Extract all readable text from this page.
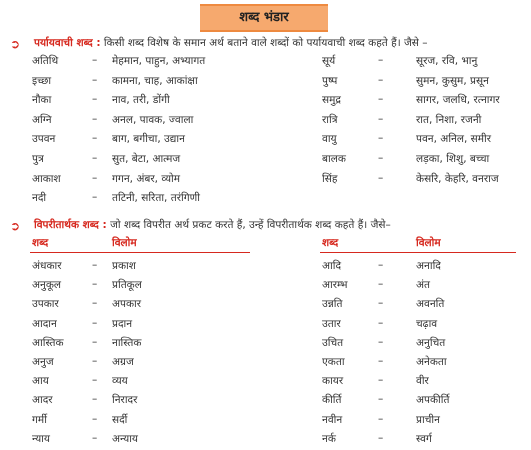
शब्द भंडार
➲	पर्यायवाची शब्द : किसी शब्द विशेष के समान अर्थ बताने वाले शब्दों को पर्यायवाची शब्द कहते हैं। जैसे –
अतिथि	– मेहमान, पाहुन, अभ्यागत
इच्छा	– कामना, चाह, आकांक्षा
नौका	– नाव, तरी, डोंगी
अग्नि	– अनल, पावक, ज्वाला
उपवन	– बाग, बगीचा, उद्यान
पुत्र	– सुत, बेटा, आत्मज
आकाश	– गगन, अंबर, व्योम
नदी	– तटिनी, सरिता, तरंगिणी
सूर्य	–	सूरज, रवि, भानु
पुष्प	–	सुमन, कुसुम, प्रसून
समुद्र	–	सागर, जलधि, रत्नागर
रात्रि	–	रात, निशा, रजनी
वायु	–	पवन, अनिल, समीर
बालक	–	लड़का, शिशु, बच्चा
सिंह	–	केसरि, केहरि, वनराज
➲	विपरीतार्थक शब्द : जो शब्द विपरीत अर्थ प्रकट करते हैं, उन्हें विपरीतार्थक शब्द कहते हैं। जैसे–
शब्द	विलोम	शब्द	विलोम
अंधकार	– प्रकाश
अनुकूल	– प्रतिकूल
उपकार	– अपकार
आदान	– प्रदान
आस्तिक	– नास्तिक
अनुज	– अग्रज
आय	– व्यय
आदर	– निरादर
गर्मी	– सर्दी
न्याय	– अन्याय
आदि	–	अनादि
आरम्भ	–	अंत
उन्नति	–	अवनति
उतार	–	चढ़ाव
उचित	–	अनुचित
एकता	–	अनेकता
कायर	–	वीर
कीर्ति	–	अपकीर्ति
नवीन	–	प्राचीन
नर्क	–	स्वर्ग
